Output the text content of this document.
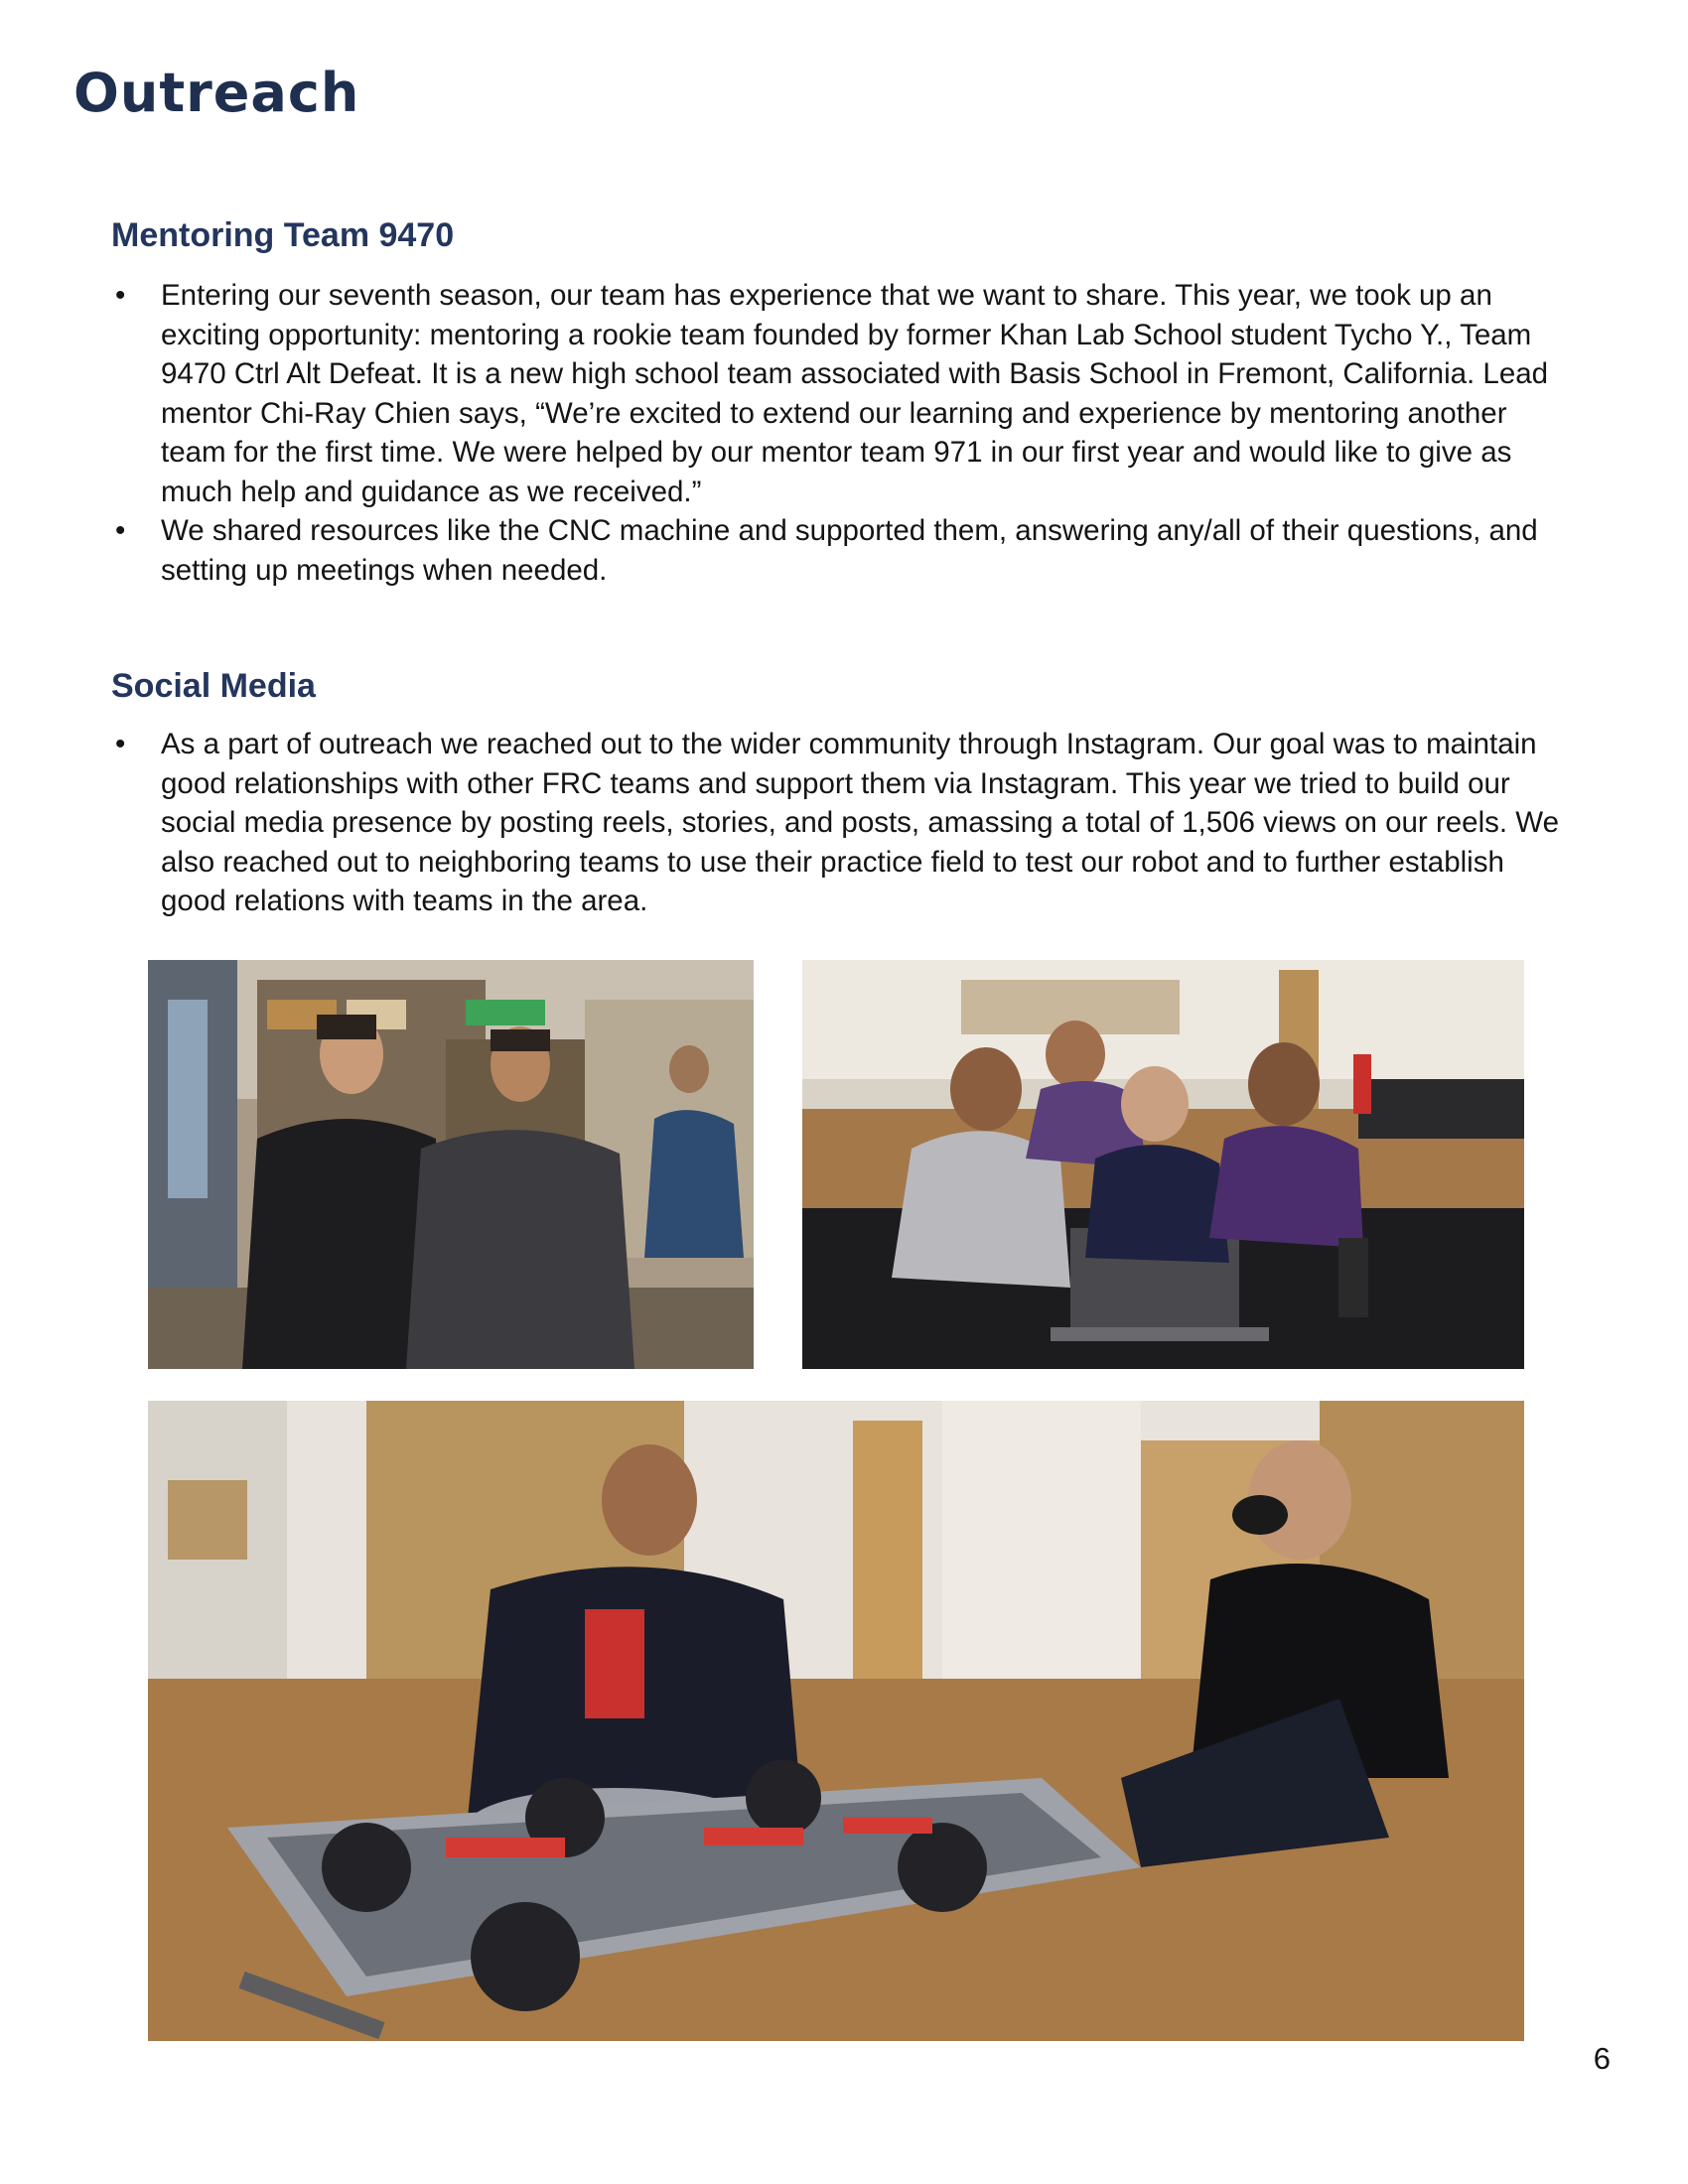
Outreach
Mentoring Team 9470
• Entering our seventh season, our team has experience that we want to share. This year, we took up an exciting opportunity: mentoring a rookie team founded by former Khan Lab School student Tycho Y., Team 9470 Ctrl Alt Defeat. It is a new high school team associated with Basis School in Fremont, California. Lead mentor Chi-Ray Chien says, “We’re excited to extend our learning and experience by mentoring another team for the first time. We were helped by our mentor team 971 in our first year and would like to give as much help and guidance as we received.”
• We shared resources like the CNC machine and supported them, answering any/all of their questions, and setting up meetings when needed.
Social Media
• As a part of outreach we reached out to the wider community through Instagram. Our goal was to maintain good relationships with other FRC teams and support them via Instagram. This year we tried to build our social media presence by posting reels, stories, and posts, amassing a total of 1,506 views on our reels. We also reached out to neighboring teams to use their practice field to test our robot and to further establish good relations with teams in the area.
6
